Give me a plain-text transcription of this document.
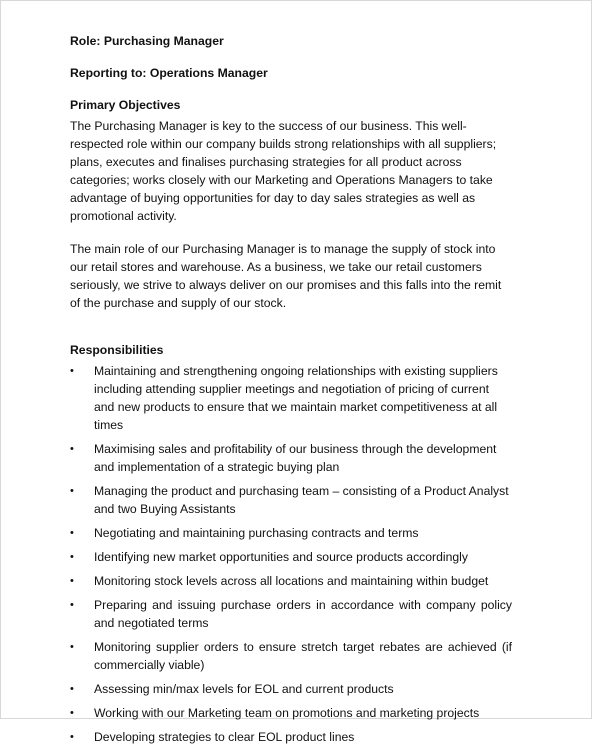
Role: Purchasing Manager
Reporting to: Operations Manager
Primary Objectives

The Purchasing Manager is key to the success of our business. This well-respected role within our company builds strong relationships with all suppliers; plans, executes and finalises purchasing strategies for all product across categories; works closely with our Marketing and Operations Managers to take advantage of buying opportunities for day to day sales strategies as well as promotional activity.

The main role of our Purchasing Manager is to manage the supply of stock into our retail stores and warehouse. As a business, we take our retail customers seriously, we strive to always deliver on our promises and this falls into the remit of the purchase and supply of our stock.

Responsibilities
• Maintaining and strengthening ongoing relationships with existing suppliers including attending supplier meetings and negotiation of pricing of current and new products to ensure that we maintain market competitiveness at all times
• Maximising sales and profitability of our business through the development and implementation of a strategic buying plan
• Managing the product and purchasing team – consisting of a Product Analyst and two Buying Assistants
• Negotiating and maintaining purchasing contracts and terms
• Identifying new market opportunities and source products accordingly
• Monitoring stock levels across all locations and maintaining within budget
• Preparing and issuing purchase orders in accordance with company policy and negotiated terms
• Monitoring supplier orders to ensure stretch target rebates are achieved (if commercially viable)
• Assessing min/max levels for EOL and current products
• Working with our Marketing team on promotions and marketing projects
• Developing strategies to clear EOL product lines
